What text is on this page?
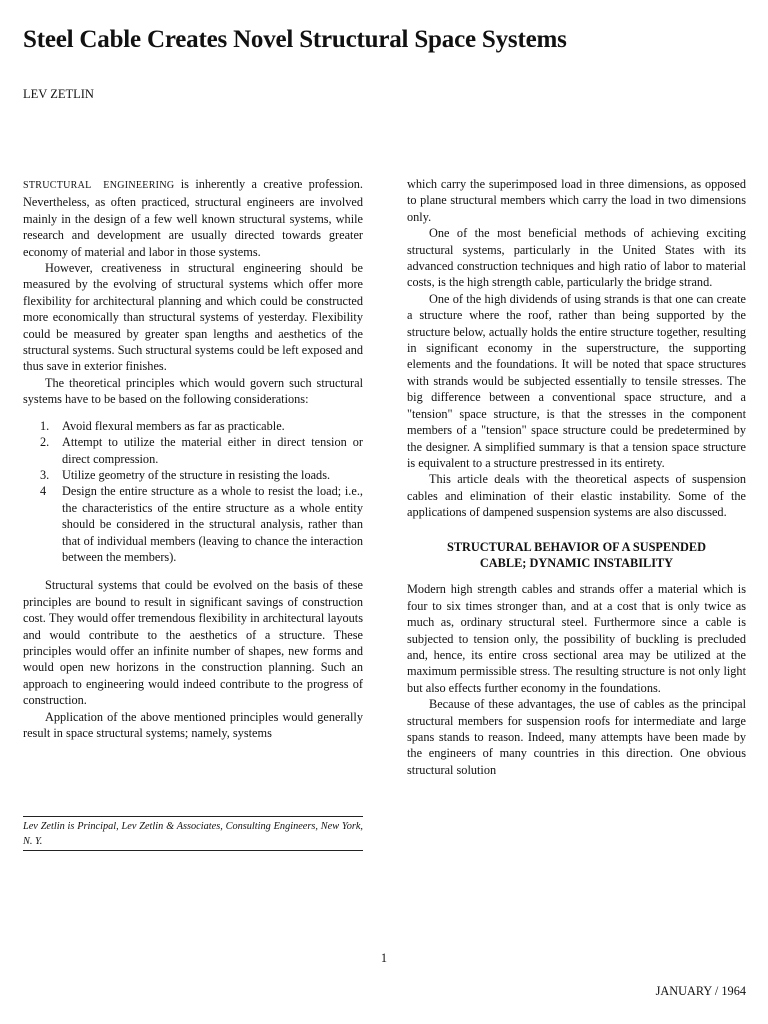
Steel Cable Creates Novel Structural Space Systems
LEV ZETLIN

STRUCTURAL ENGINEERING is inherently a creative profession. Nevertheless, as often practiced, structural engineers are involved mainly in the design of a few well known structural systems, while research and development are usually directed towards greater economy of material and labor in those systems.

However, creativeness in structural engineering should be measured by the evolving of structural systems which offer more flexibility for architectural planning and which could be constructed more economically than structural systems of yesterday. Flexibility could be measured by greater span lengths and aesthetics of the structural systems. Such structural systems could be left exposed and thus save in exterior finishes.

The theoretical principles which would govern such structural systems have to be based on the following considerations:

1. Avoid flexural members as far as practicable.
2. Attempt to utilize the material either in direct tension or direct compression.
3. Utilize geometry of the structure in resisting the loads.
4 Design the entire structure as a whole to resist the load; i.e., the characteristics of the entire structure as a whole entity should be considered in the structural analysis, rather than that of individual members (leaving to chance the interaction between the members).

Structural systems that could be evolved on the basis of these principles are bound to result in significant savings of construction cost. They would offer tremendous flexibility in architectural layouts and would contribute to the aesthetics of a structure. These principles would offer an infinite number of shapes, new forms and would open new horizons in the construction planning. Such an approach to engineering would indeed contribute to the progress of construction.

Application of the above mentioned principles would generally result in space structural systems; namely, systems

Lev Zetlin is Principal, Lev Zetlin & Associates, Consulting Engineers, New York, N. Y.

which carry the superimposed load in three dimensions, as opposed to plane structural members which carry the load in two dimensions only.

One of the most beneficial methods of achieving exciting structural systems, particularly in the United States with its advanced construction techniques and high ratio of labor to material costs, is the high strength cable, particularly the bridge strand.

One of the high dividends of using strands is that one can create a structure where the roof, rather than being supported by the structure below, actually holds the entire structure together, resulting in significant economy in the superstructure, the supporting elements and the foundations. It will be noted that space structures with strands would be subjected essentially to tensile stresses. The big difference between a conventional space structure, and a "tension" space structure, is that the stresses in the component members of a "tension" space structure could be predetermined by the designer. A simplified summary is that a tension space structure is equivalent to a structure prestressed in its entirety.

This article deals with the theoretical aspects of suspension cables and elimination of their elastic instability. Some of the applications of dampened suspension systems are also discussed.

STRUCTURAL BEHAVIOR OF A SUSPENDED
CABLE; DYNAMIC INSTABILITY

Modern high strength cables and strands offer a material which is four to six times stronger than, and at a cost that is only twice as much as, ordinary structural steel. Furthermore since a cable is subjected to tension only, the possibility of buckling is precluded and, hence, its entire cross sectional area may be utilized at the maximum permissible stress. The resulting structure is not only light but also effects further economy in the foundations.

Because of these advantages, the use of cables as the principal structural members for suspension roofs for intermediate and large spans stands to reason. Indeed, many attempts have been made by the engineers of many countries in this direction. One obvious structural solution

1
JANUARY / 1964
